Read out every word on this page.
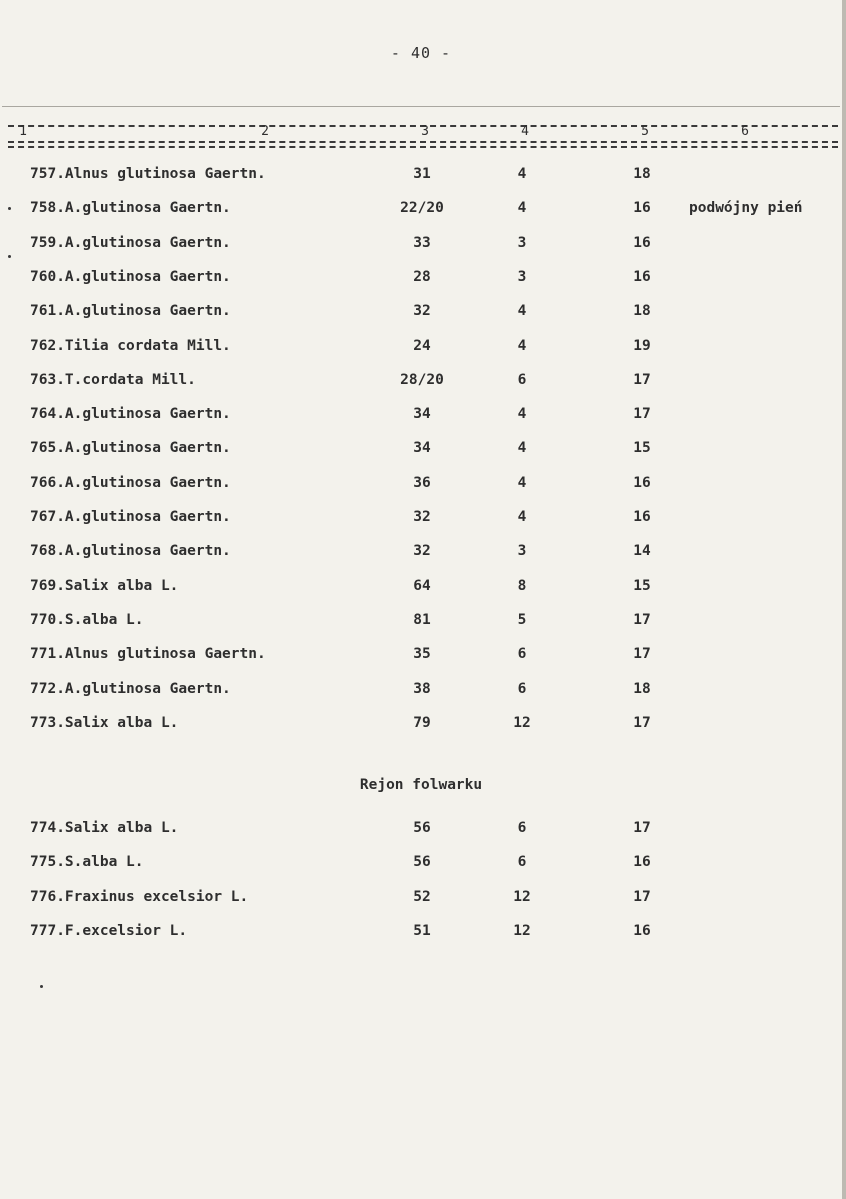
- 40 -
1	2	3	4	5	6
757.Alnus glutinosa Gaertn.	31	4	18
758.A.glutinosa Gaertn.	22/20	4	16	podwójny pień
759.A.glutinosa Gaertn.	33	3	16
760.A.glutinosa Gaertn.	28	3	16
761.A.glutinosa Gaertn.	32	4	18
762.Tilia cordata Mill.	24	4	19
763.T.cordata Mill.	28/20	6	17
764.A.glutinosa Gaertn.	34	4	17
765.A.glutinosa Gaertn.	34	4	15
766.A.glutinosa Gaertn.	36	4	16
767.A.glutinosa Gaertn.	32	4	16
768.A.glutinosa Gaertn.	32	3	14
769.Salix alba L.	64	8	15
770.S.alba L.	81	5	17
771.Alnus glutinosa Gaertn.	35	6	17
772.A.glutinosa Gaertn.	38	6	18
773.Salix alba L.	79	12	17
Rejon folwarku
774.Salix alba L.	56	6	17
775.S.alba L.	56	6	16
776.Fraxinus excelsior L.	52	12	17
777.F.excelsior L.	51	12	16
